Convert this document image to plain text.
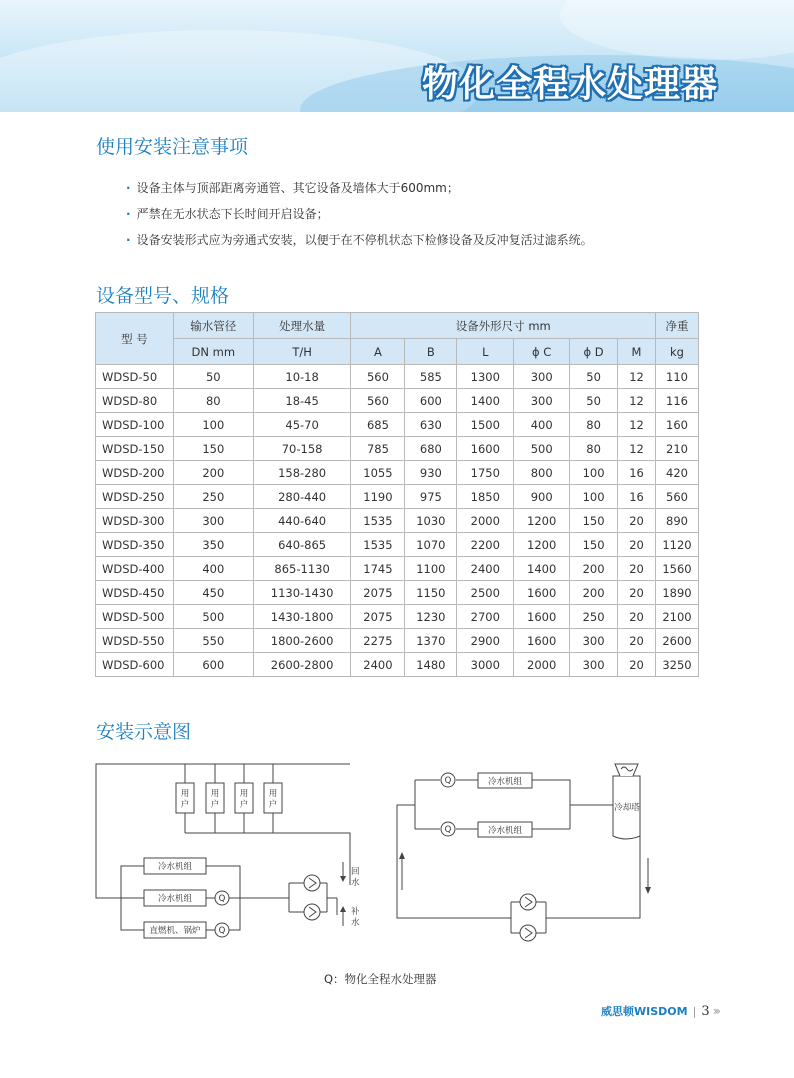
物化全程水处理器
使用安装注意事项
· 设备主体与顶部距离旁通管、其它设备及墙体大于600mm；
· 严禁在无水状态下长时间开启设备；
· 设备安装形式应为旁通式安装，以便于在不停机状态下检修设备及反冲复活过滤系统。
设备型号、规格
型 号	输水管径	处理水量	设备外形尺寸 mm						净重
	DN mm	T/H	A	B	L	ϕ C	ϕ D	M	kg
WDSD-50	50	10-18	560	585	1300	300	50	12	110
WDSD-80	80	18-45	560	600	1400	300	50	12	116
WDSD-100	100	45-70	685	630	1500	400	80	12	160
WDSD-150	150	70-158	785	680	1600	500	80	12	210
WDSD-200	200	158-280	1055	930	1750	800	100	16	420
WDSD-250	250	280-440	1190	975	1850	900	100	16	560
WDSD-300	300	440-640	1535	1030	2000	1200	150	20	890
WDSD-350	350	640-865	1535	1070	2200	1200	150	20	1120
WDSD-400	400	865-1130	1745	1100	2400	1400	200	20	1560
WDSD-450	450	1130-1430	2075	1150	2500	1600	200	20	1890
WDSD-500	500	1430-1800	2075	1230	2700	1600	250	20	2100
WDSD-550	550	1800-2600	2275	1370	2900	1600	300	20	2600
WDSD-600	600	2600-2800	2400	1480	3000	2000	300	20	3250
安装示意图
用
户
用
户
用
户
用
户
冷水机组
冷水机组
直燃机、锅炉
Q
Q
回
水
补
水
Q
Q
冷水机组
冷水机组
冷却塔
Q：物化全程水处理器
威思顿WISDOM | 3 ›››
